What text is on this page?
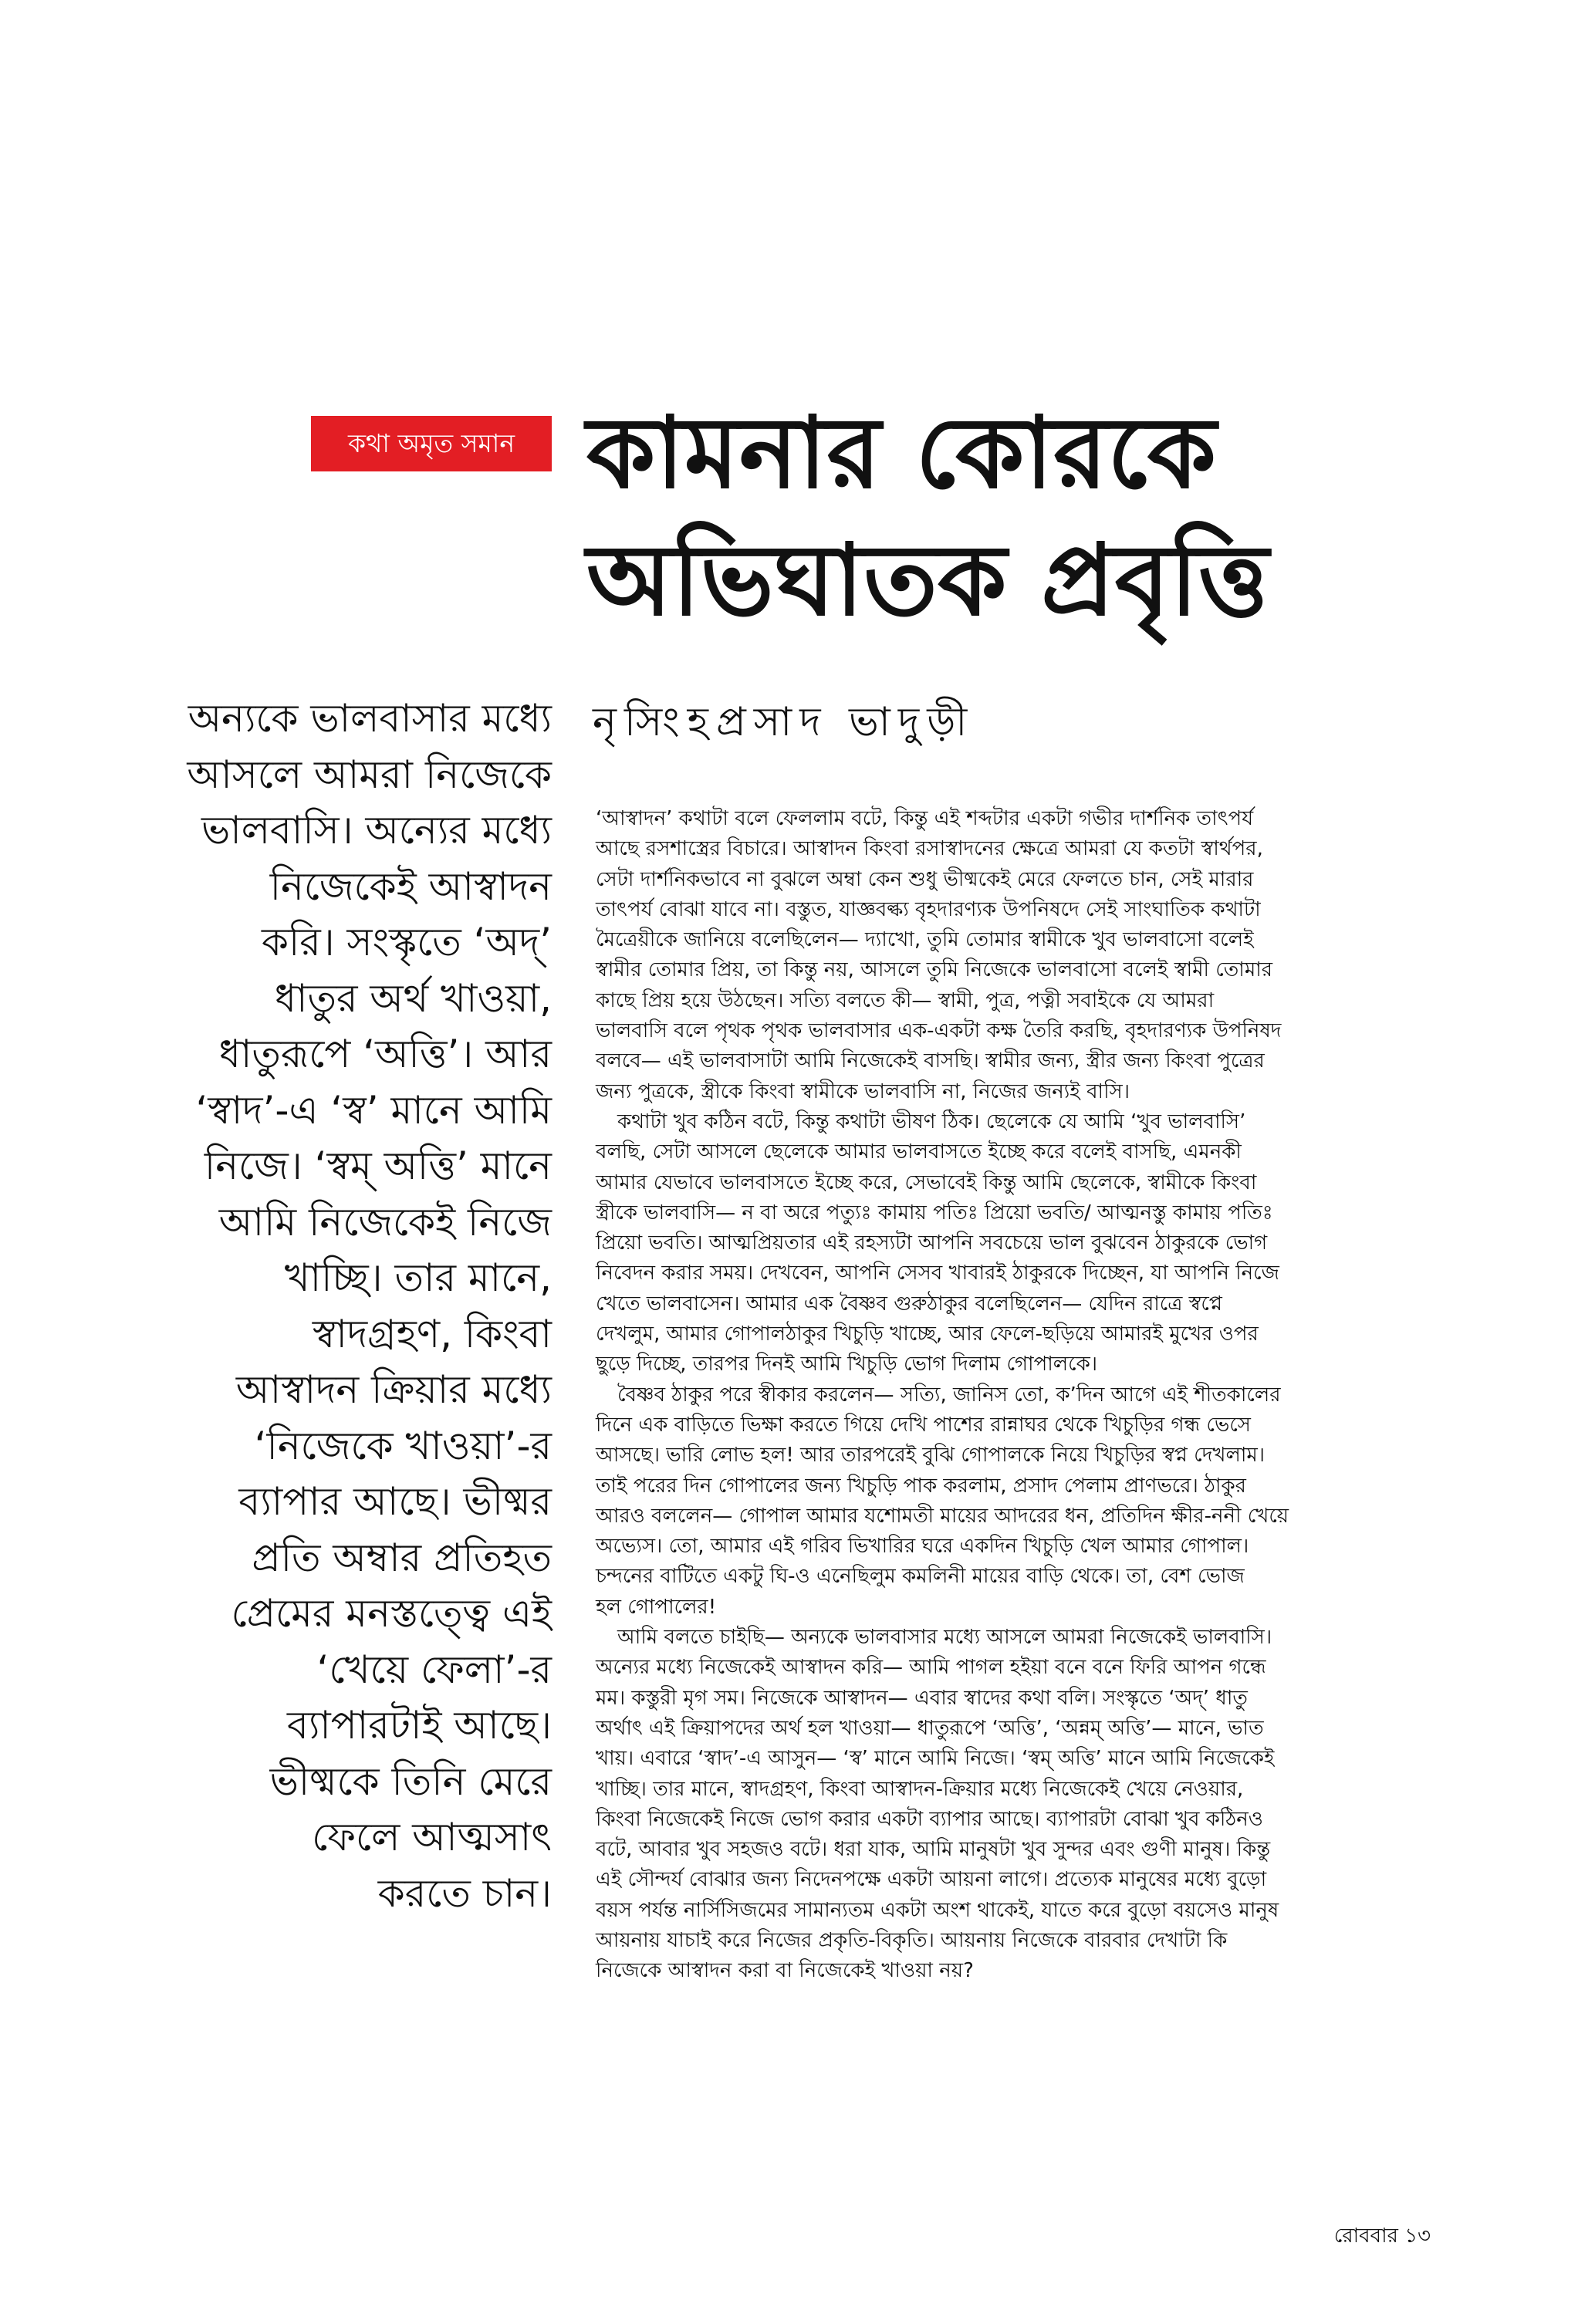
কথা অমৃত সমান কামনার কোরকে
অভিঘাতক প্রবৃত্তি
নৃসিংহপ্রসাদ ভাদুড়ী
অন্যকে ভালবাসার মধ্যে
আসলে আমরা নিজেকে
ভালবাসি। অন্যের মধ্যে
নিজেকেই আস্বাদন
করি। সংস্কৃতে ‘অদ্’
ধাতুর অর্থ খাওয়া,
ধাতুরূপে ‘অত্তি’। আর
‘স্বাদ’-এ ‘স্ব’ মানে আমি
নিজে। ‘স্বম্ অত্তি’ মানে
আমি নিজেকেই নিজে
খাচ্ছি। তার মানে,
স্বাদগ্রহণ, কিংবা
আস্বাদন ক্রিয়ার মধ্যে
‘নিজেকে খাওয়া’-র
ব্যাপার আছে। ভীষ্মর
প্রতি অম্বার প্রতিহত
প্রেমের মনস্তত্ত্বে এই
‘খেয়ে ফেলা’-র
ব্যাপারটাই আছে।
ভীষ্মকে তিনি মেরে
ফেলে আত্মসাৎ
করতে চান।
‘আস্বাদন’ কথাটা বলে ফেললাম বটে, কিন্তু এই শব্দটার একটা গভীর দার্শনিক তাৎপর্য
আছে রসশাস্ত্রের বিচারে। আস্বাদন কিংবা রসাস্বাদনের ক্ষেত্রে আমরা যে কতটা স্বার্থপর,
সেটা দার্শনিকভাবে না বুঝলে অম্বা কেন শুধু ভীষ্মকেই মেরে ফেলতে চান, সেই মারার
তাৎপর্য বোঝা যাবে না। বস্তুত, যাজ্ঞবল্ক্য বৃহদারণ্যক উপনিষদে সেই সাংঘাতিক কথাটা
মৈত্রেয়ীকে জানিয়ে বলেছিলেন— দ্যাখো, তুমি তোমার স্বামীকে খুব ভালবাসো বলেই
স্বামীর তোমার প্রিয়, তা কিন্তু নয়, আসলে তুমি নিজেকে ভালবাসো বলেই স্বামী তোমার
কাছে প্রিয় হয়ে উঠছেন। সত্যি বলতে কী— স্বামী, পুত্র, পত্নী সবাইকে যে আমরা
ভালবাসি বলে পৃথক পৃথক ভালবাসার এক-একটা কক্ষ তৈরি করছি, বৃহদারণ্যক উপনিষদ
বলবে— এই ভালবাসাটা আমি নিজেকেই বাসছি। স্বামীর জন্য, স্ত্রীর জন্য কিংবা পুত্রের
জন্য পুত্রকে, স্ত্রীকে কিংবা স্বামীকে ভালবাসি না, নিজের জন্যই বাসি।
কথাটা খুব কঠিন বটে, কিন্তু কথাটা ভীষণ ঠিক। ছেলেকে যে আমি ‘খুব ভালবাসি’
বলছি, সেটা আসলে ছেলেকে আমার ভালবাসতে ইচ্ছে করে বলেই বাসছি, এমনকী
আমার যেভাবে ভালবাসতে ইচ্ছে করে, সেভাবেই কিন্তু আমি ছেলেকে, স্বামীকে কিংবা
স্ত্রীকে ভালবাসি— ন বা অরে পত্যুঃ কামায় পতিঃ প্রিয়ো ভবতি/ আত্মনস্তু কামায় পতিঃ
প্রিয়ো ভবতি। আত্মপ্রিয়তার এই রহস্যটা আপনি সবচেয়ে ভাল বুঝবেন ঠাকুরকে ভোগ
নিবেদন করার সময়। দেখবেন, আপনি সেসব খাবারই ঠাকুরকে দিচ্ছেন, যা আপনি নিজে
খেতে ভালবাসেন। আমার এক বৈষ্ণব গুরুঠাকুর বলেছিলেন— যেদিন রাত্রে স্বপ্নে
দেখলুম, আমার গোপালঠাকুর খিচুড়ি খাচ্ছে, আর ফেলে-ছড়িয়ে আমারই মুখের ওপর
ছুড়ে দিচ্ছে, তারপর দিনই আমি খিচুড়ি ভোগ দিলাম গোপালকে।
বৈষ্ণব ঠাকুর পরে স্বীকার করলেন— সত্যি, জানিস তো, ক’দিন আগে এই শীতকালের
দিনে এক বাড়িতে ভিক্ষা করতে গিয়ে দেখি পাশের রান্নাঘর থেকে খিচুড়ির গন্ধ ভেসে
আসছে। ভারি লোভ হল! আর তারপরেই বুঝি গোপালকে নিয়ে খিচুড়ির স্বপ্ন দেখলাম।
তাই পরের দিন গোপালের জন্য খিচুড়ি পাক করলাম, প্রসাদ পেলাম প্রাণভরে। ঠাকুর
আরও বললেন— গোপাল আমার যশোমতী মায়ের আদরের ধন, প্রতিদিন ক্ষীর-ননী খেয়ে
অভ্যেস। তো, আমার এই গরিব ভিখারির ঘরে একদিন খিচুড়ি খেল আমার গোপাল।
চন্দনের বাটিতে একটু ঘি-ও এনেছিলুম কমলিনী মায়ের বাড়ি থেকে। তা, বেশ ভোজ
হল গোপালের!
আমি বলতে চাইছি— অন্যকে ভালবাসার মধ্যে আসলে আমরা নিজেকেই ভালবাসি।
অন্যের মধ্যে নিজেকেই আস্বাদন করি— আমি পাগল হইয়া বনে বনে ফিরি আপন গন্ধে
মম। কস্তুরী মৃগ সম। নিজেকে আস্বাদন— এবার স্বাদের কথা বলি। সংস্কৃতে ‘অদ্’ ধাতু
অর্থাৎ এই ক্রিয়াপদের অর্থ হল খাওয়া— ধাতুরূপে ‘অত্তি’, ‘অন্নম্ অত্তি’— মানে, ভাত
খায়। এবারে ‘স্বাদ’-এ আসুন— ‘স্ব’ মানে আমি নিজে। ‘স্বম্ অত্তি’ মানে আমি নিজেকেই
খাচ্ছি। তার মানে, স্বাদগ্রহণ, কিংবা আস্বাদন-ক্রিয়ার মধ্যে নিজেকেই খেয়ে নেওয়ার,
কিংবা নিজেকেই নিজে ভোগ করার একটা ব্যাপার আছে। ব্যাপারটা বোঝা খুব কঠিনও
বটে, আবার খুব সহজও বটে। ধরা যাক, আমি মানুষটা খুব সুন্দর এবং গুণী মানুষ। কিন্তু
এই সৌন্দর্য বোঝার জন্য নিদেনপক্ষে একটা আয়না লাগে। প্রত্যেক মানুষের মধ্যে বুড়ো
বয়স পর্যন্ত নার্সিসিজমের সামান্যতম একটা অংশ থাকেই, যাতে করে বুড়ো বয়সেও মানুষ
আয়নায় যাচাই করে নিজের প্রকৃতি-বিকৃতি। আয়নায় নিজেকে বারবার দেখাটা কি
নিজেকে আস্বাদন করা বা নিজেকেই খাওয়া নয়?
রোববার ১৩
